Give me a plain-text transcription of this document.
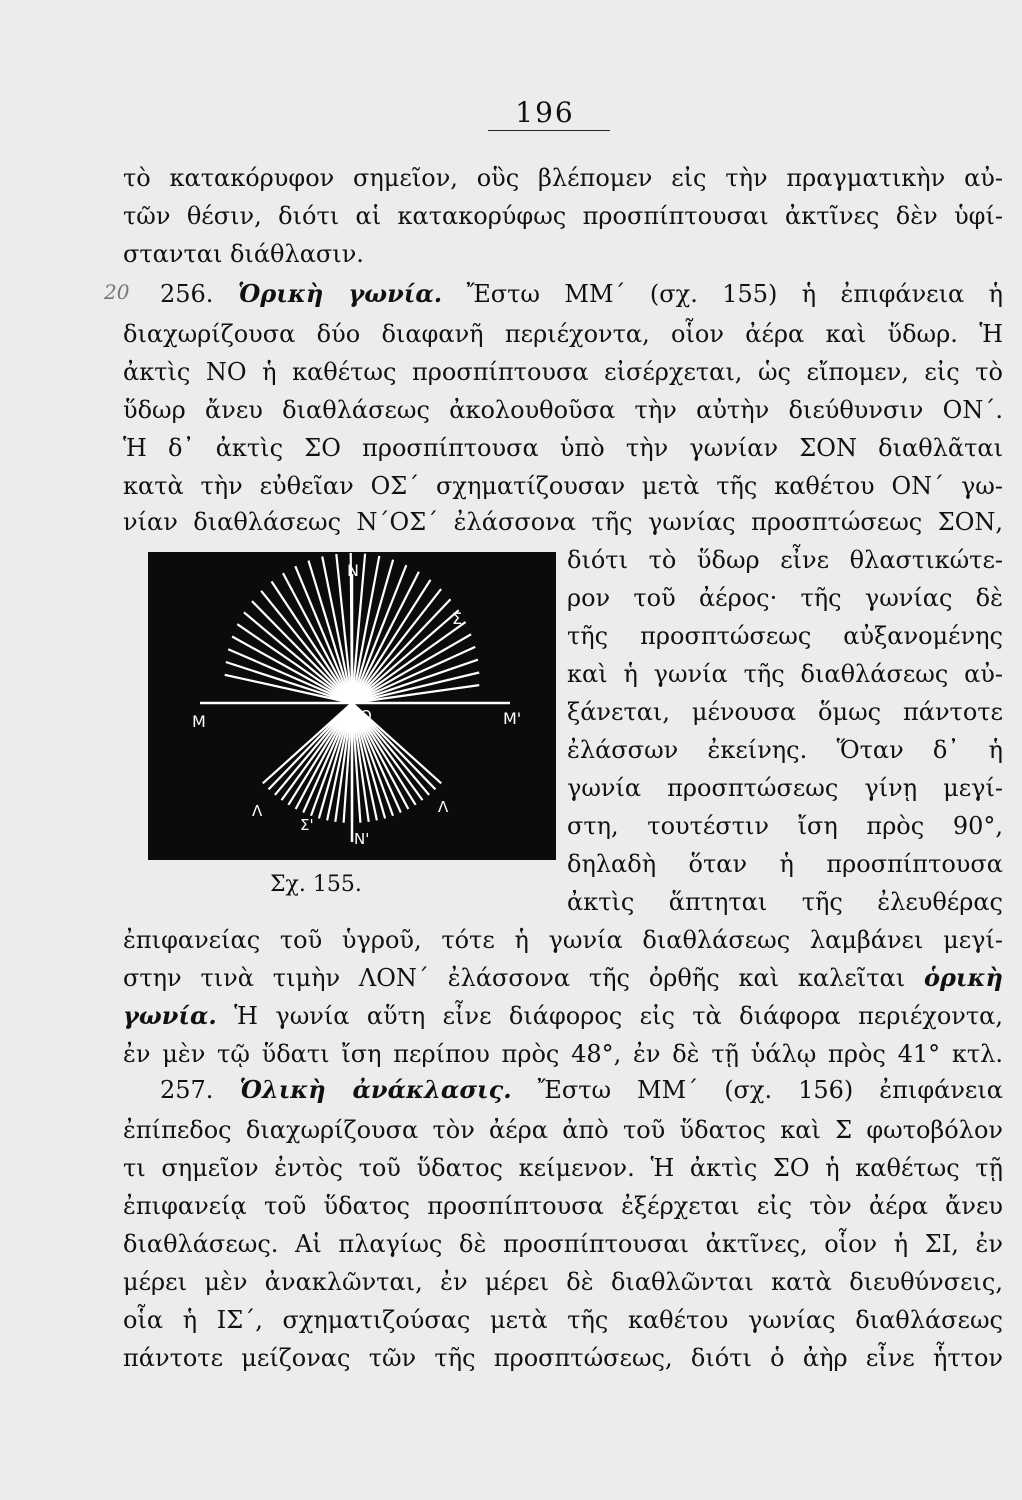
196
20
τὸ κατακόρυφον σημεῖον, οὓς βλέπομεν εἰς τὴν πραγματικὴν αὐ-
τῶν θέσιν, διότι αἱ κατακορύφως προσπίπτουσαι ἀκτῖνες δὲν ὑφί-
στανται διάθλασιν.
256. Ὁρικὴ γωνία. Ἔστω ΜΜ΄ (σχ. 155) ἡ ἐπιφάνεια ἡ
διαχωρίζουσα δύο διαφανῆ περιέχοντα, οἷον ἀέρα καὶ ὕδωρ. Ἡ
ἀκτὶς ΝΟ ἡ καθέτως προσπίπτουσα εἰσέρχεται, ὡς εἴπομεν, εἰς τὸ
ὕδωρ ἄνευ διαθλάσεως ἀκολουθοῦσα τὴν αὐτὴν διεύθυνσιν ΟΝ΄.
Ἡ δ᾽ ἀκτὶς ΣΟ προσπίπτουσα ὑπὸ τὴν γωνίαν ΣΟΝ διαθλᾶται
κατὰ τὴν εὐθεῖαν ΟΣ΄ σχηματίζουσαν μετὰ τῆς καθέτου ΟΝ΄ γω-
νίαν διαθλάσεως Ν΄ΟΣ΄ ἐλάσσονα τῆς γωνίας προσπτώσεως ΣΟΝ,
N
N'
M	M'
O
Σ
Σ'
Λ	Λ
Σχ. 155.
διότι τὸ ὕδωρ εἶνε θλαστικώτε-
ρον τοῦ ἀέρος· τῆς γωνίας δὲ
τῆς προσπτώσεως αὐξανομένης
καὶ ἡ γωνία τῆς διαθλάσεως αὐ-
ξάνεται, μένουσα ὅμως πάντοτε
ἐλάσσων ἐκείνης. Ὅταν δ᾽ ἡ
γωνία προσπτώσεως γίνῃ μεγί-
στη, τουτέστιν ἴση πρὸς 90°,
δηλαδὴ ὅταν ἡ προσπίπτουσα
ἀκτὶς ἅπτηται τῆς ἐλευθέρας
ἐπιφανείας τοῦ ὑγροῦ, τότε ἡ γωνία διαθλάσεως λαμβάνει μεγί-
στην τινὰ τιμὴν ΛΟΝ΄ ἐλάσσονα τῆς ὀρθῆς καὶ καλεῖται ὁρικὴ
γωνία. Ἡ γωνία αὕτη εἶνε διάφορος εἰς τὰ διάφορα περιέχοντα,
ἐν μὲν τῷ ὕδατι ἴση περίπου πρὸς 48°, ἐν δὲ τῇ ὑάλῳ πρὸς 41° κτλ.
257. Ὁλικὴ ἀνάκλασις. Ἔστω ΜΜ΄ (σχ. 156) ἐπιφάνεια
ἐπίπεδος διαχωρίζουσα τὸν ἀέρα ἀπὸ τοῦ ὕδατος καὶ Σ φωτοβόλον
τι σημεῖον ἐντὸς τοῦ ὕδατος κείμενον. Ἡ ἀκτὶς ΣΟ ἡ καθέτως τῇ
ἐπιφανείᾳ τοῦ ὕδατος προσπίπτουσα ἐξέρχεται εἰς τὸν ἀέρα ἄνευ
διαθλάσεως. Αἱ πλαγίως δὲ προσπίπτουσαι ἀκτῖνες, οἷον ἡ ΣΙ, ἐν
μέρει μὲν ἀνακλῶνται, ἐν μέρει δὲ διαθλῶνται κατὰ διευθύνσεις,
οἷα ἡ ΙΣ΄, σχηματιζούσας μετὰ τῆς καθέτου γωνίας διαθλάσεως
πάντοτε μείζονας τῶν τῆς προσπτώσεως, διότι ὁ ἀὴρ εἶνε ἧττον
